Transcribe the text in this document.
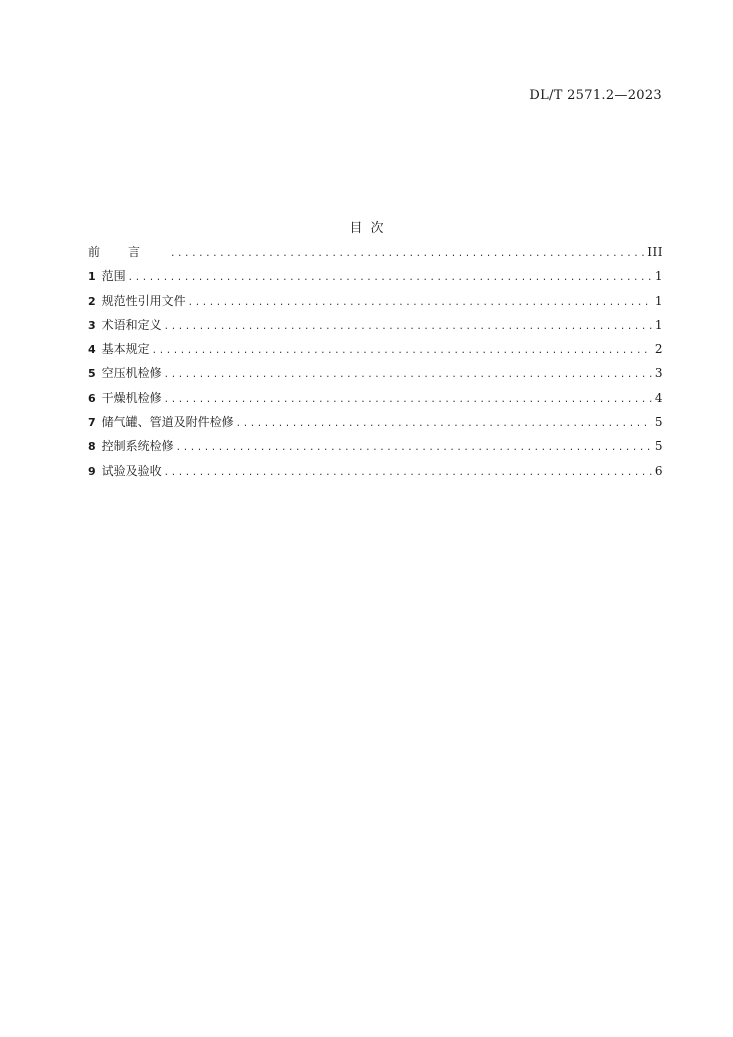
DL/T 2571.2—2023
目次
前言 .....	III
1 范围 .....	1
2 规范性引用文件 .....	1
3 术语和定义 .....	1
4 基本规定 .....	2
5 空压机检修 .....	3
6 干燥机检修 .....	4
7 储气罐、管道及附件检修 .....	5
8 控制系统检修 .....	5
9 试验及验收 .....	6
